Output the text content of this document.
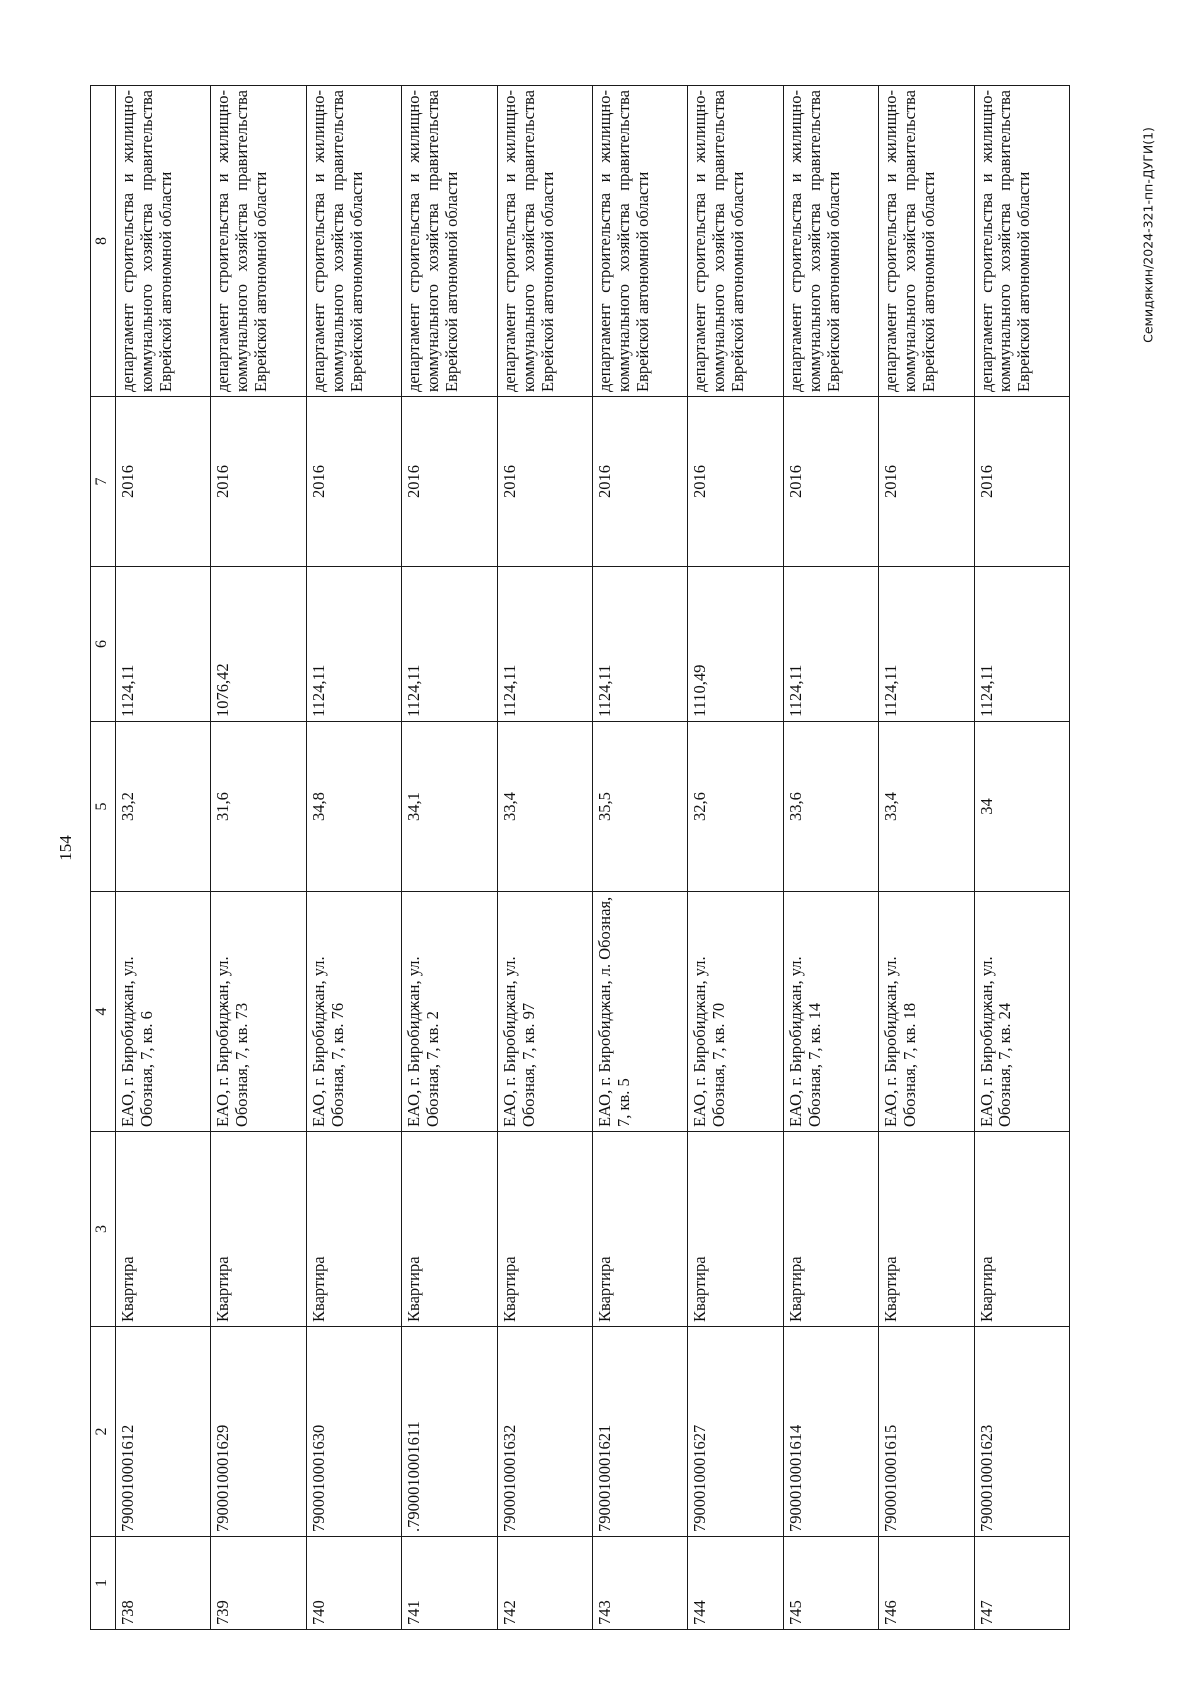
154
Семидякин/2024-321-пп-ДУГИ(1)
1	2	3	4	5	6	7	8
738	7900010001612	Квартира	ЕАО, г. Биробиджан, ул. Обозная, 7, кв. 6	33,2	1124,11	2016	департамент строительства и жилищно-коммунального хозяйства правительства Еврейской автономной области
739	7900010001629	Квартира	ЕАО, г. Биробиджан, ул. Обозная, 7, кв. 73	31,6	1076,42	2016	департамент строительства и жилищно-коммунального хозяйства правительства Еврейской автономной области
740	7900010001630	Квартира	ЕАО, г. Биробиджан, ул. Обозная, 7, кв. 76	34,8	1124,11	2016	департамент строительства и жилищно-коммунального хозяйства правительства Еврейской автономной области
741	.7900010001611	Квартира	ЕАО, г. Биробиджан, ул. Обозная, 7, кв. 2	34,1	1124,11	2016	департамент строительства и жилищно-коммунального хозяйства правительства Еврейской автономной области
742	7900010001632	Квартира	ЕАО, г. Биробиджан, ул. Обозная, 7, кв. 97	33,4	1124,11	2016	департамент строительства и жилищно-коммунального хозяйства правительства Еврейской автономной области
743	7900010001621	Квартира	ЕАО, г. Биробиджан, л. Обозная, 7, кв. 5	35,5	1124,11	2016	департамент строительства и жилищно-коммунального хозяйства правительства Еврейской автономной области
744	7900010001627	Квартира	ЕАО, г. Биробиджан, ул. Обозная, 7, кв. 70	32,6	1110,49	2016	департамент строительства и жилищно-коммунального хозяйства правительства Еврейской автономной области
745	7900010001614	Квартира	ЕАО, г. Биробиджан, ул. Обозная, 7, кв. 14	33,6	1124,11	2016	департамент строительства и жилищно-коммунального хозяйства правительства Еврейской автономной области
746	7900010001615	Квартира	ЕАО, г. Биробиджан, ул. Обозная, 7, кв. 18	33,4	1124,11	2016	департамент строительства и жилищно-коммунального хозяйства правительства Еврейской автономной области
747	7900010001623	Квартира	ЕАО, г. Биробиджан, ул. Обозная, 7, кв. 24	34	1124,11	2016	департамент строительства и жилищно-коммунального хозяйства правительства Еврейской автономной области
